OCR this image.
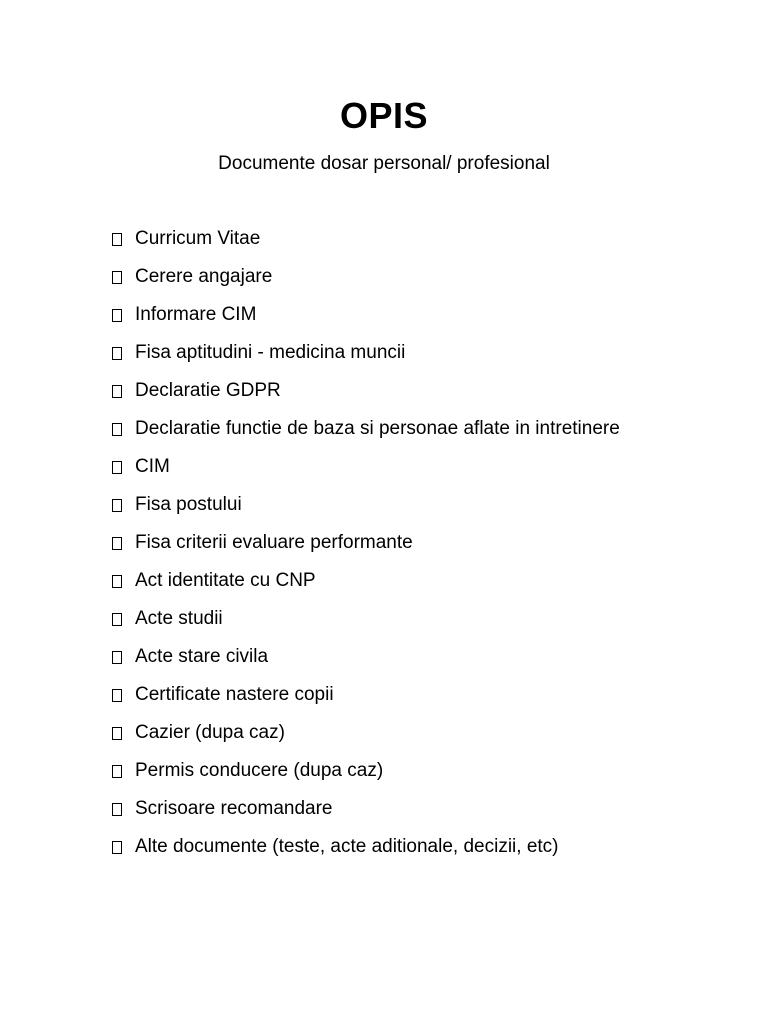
OPIS
Documente dosar personal/ profesional
Curricum Vitae
Cerere angajare
Informare CIM
Fisa aptitudini - medicina muncii
Declaratie GDPR
Declaratie functie de baza si personae aflate in intretinere
CIM
Fisa postului
Fisa criterii evaluare performante
Act identitate cu CNP
Acte studii
Acte stare civila
Certificate nastere copii
Cazier (dupa caz)
Permis conducere (dupa caz)
Scrisoare recomandare
Alte documente (teste, acte aditionale, decizii, etc)
